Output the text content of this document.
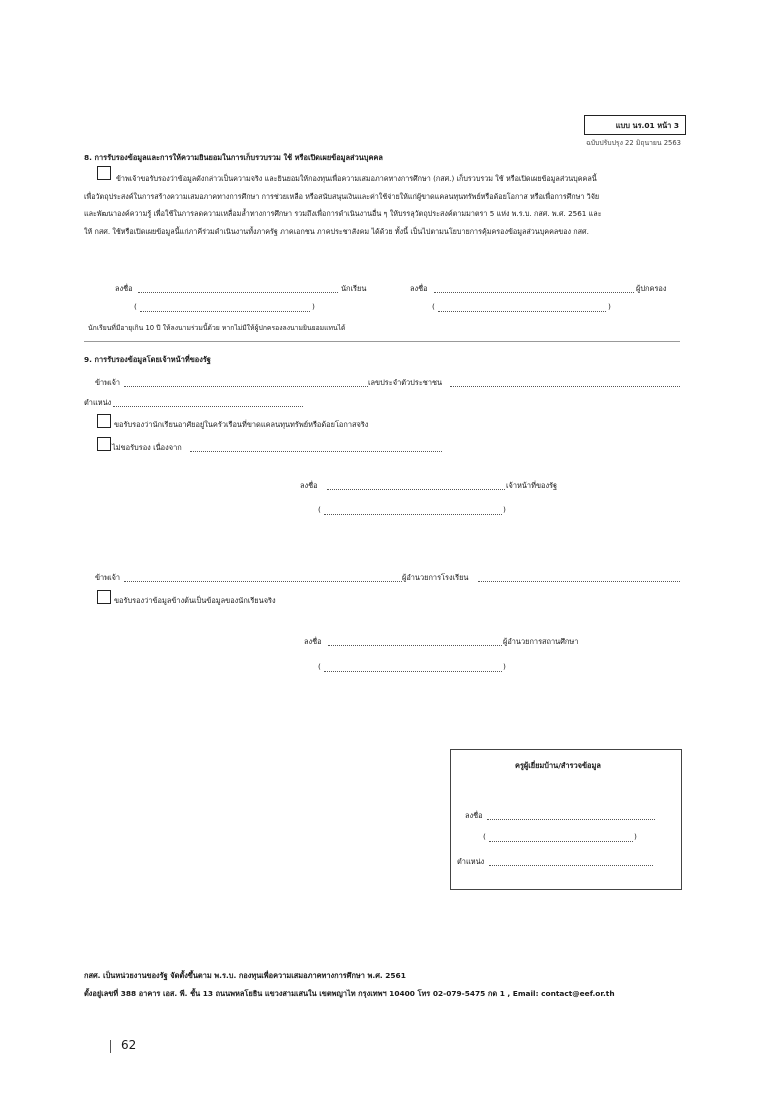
แบบ นร.01 หน้า 3
ฉบับปรับปรุง 22 มิถุนายน 2563
8. การรับรองข้อมูลและการให้ความยินยอมในการเก็บรวบรวม ใช้ หรือเปิดเผยข้อมูลส่วนบุคคล
ข้าพเจ้าขอรับรองว่าข้อมูลดังกล่าวเป็นความจริง และยินยอมให้กองทุนเพื่อความเสมอภาคทางการศึกษา (กสศ.) เก็บรวบรวม ใช้ หรือเปิดเผยข้อมูลส่วนบุคคลนี้
เพื่อวัตถุประสงค์ในการสร้างความเสมอภาคทางการศึกษา การช่วยเหลือ หรือสนับสนุนเงินและค่าใช้จ่ายให้แก่ผู้ขาดแคลนทุนทรัพย์หรือด้อยโอกาส หรือเพื่อการศึกษา วิจัย
และพัฒนาองค์ความรู้ เพื่อใช้ในการลดความเหลื่อมล้ำทางการศึกษา รวมถึงเพื่อการดำเนินงานอื่น ๆ ให้บรรลุวัตถุประสงค์ตามมาตรา 5 แห่ง พ.ร.บ. กสศ. พ.ศ. 2561 และ
ให้ กสศ. ใช้หรือเปิดเผยข้อมูลนี้แก่ภาคีร่วมดำเนินงานทั้งภาครัฐ ภาคเอกชน ภาคประชาสังคม ได้ด้วย ทั้งนี้ เป็นไปตามนโยบายการคุ้มครองข้อมูลส่วนบุคคลของ กสศ.
ลงชื่อ	นักเรียน	ลงชื่อ	ผู้ปกครอง
(	)	(	)
นักเรียนที่มีอายุเกิน 10 ปี ให้ลงนามร่วมนี้ด้วย หากไม่มีให้ผู้ปกครองลงนามยินยอมแทนได้
9. การรับรองข้อมูลโดยเจ้าหน้าที่ของรัฐ
ข้าพเจ้า	เลขประจำตัวประชาชน
ตำแหน่ง
ขอรับรองว่านักเรียนอาศัยอยู่ในครัวเรือนที่ขาดแคลนทุนทรัพย์หรือด้อยโอกาสจริง
ไม่ขอรับรอง เนื่องจาก
ลงชื่อ	เจ้าหน้าที่ของรัฐ
(	)
ข้าพเจ้า	ผู้อำนวยการโรงเรียน
ขอรับรองว่าข้อมูลข้างต้นเป็นข้อมูลของนักเรียนจริง
ลงชื่อ	ผู้อำนวยการสถานศึกษา
(	)
ครูผู้เยี่ยมบ้าน/สำรวจข้อมูล
ลงชื่อ
(	)
ตำแหน่ง
กสศ. เป็นหน่วยงานของรัฐ จัดตั้งขึ้นตาม พ.ร.บ. กองทุนเพื่อความเสมอภาคทางการศึกษา พ.ศ. 2561
ตั้งอยู่เลขที่ 388 อาคาร เอส. พี. ชั้น 13 ถนนพหลโยธิน แขวงสามเสนใน เขตพญาไท กรุงเทพฯ 10400 โทร 02-079-5475 กด 1 , Email: contact@eef.or.th
62
